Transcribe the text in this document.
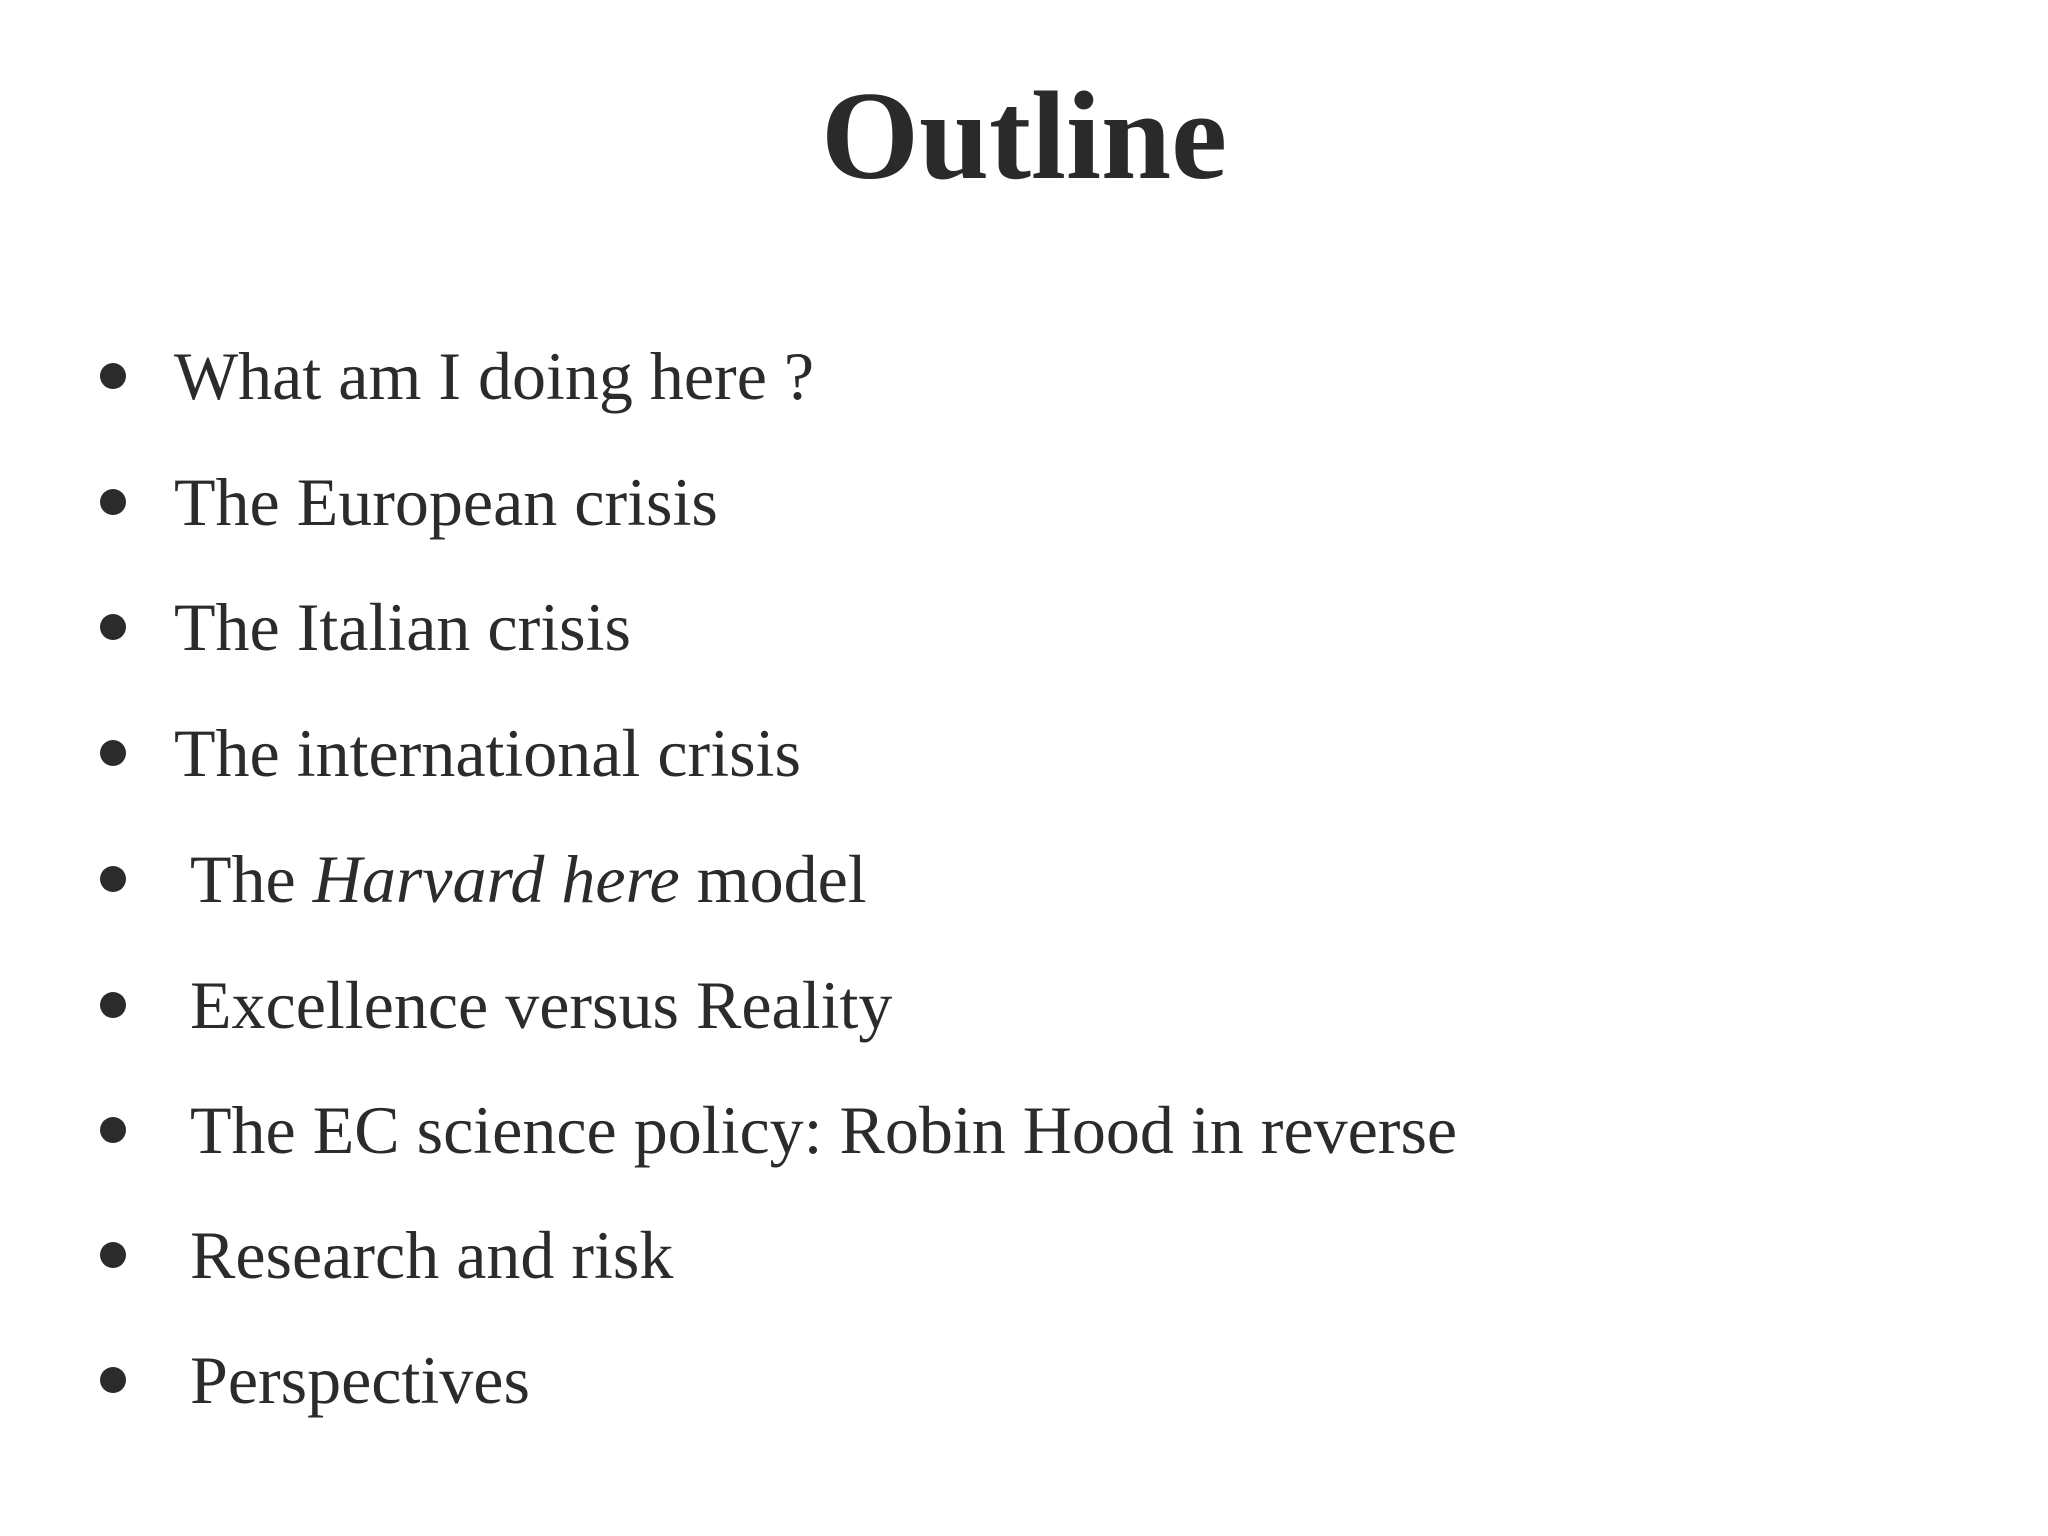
Outline
What am I doing here ?
The European crisis
The Italian crisis
The international crisis
The Harvard here model
Excellence versus Reality
The EC science policy: Robin Hood in reverse
Research and risk
Perspectives
